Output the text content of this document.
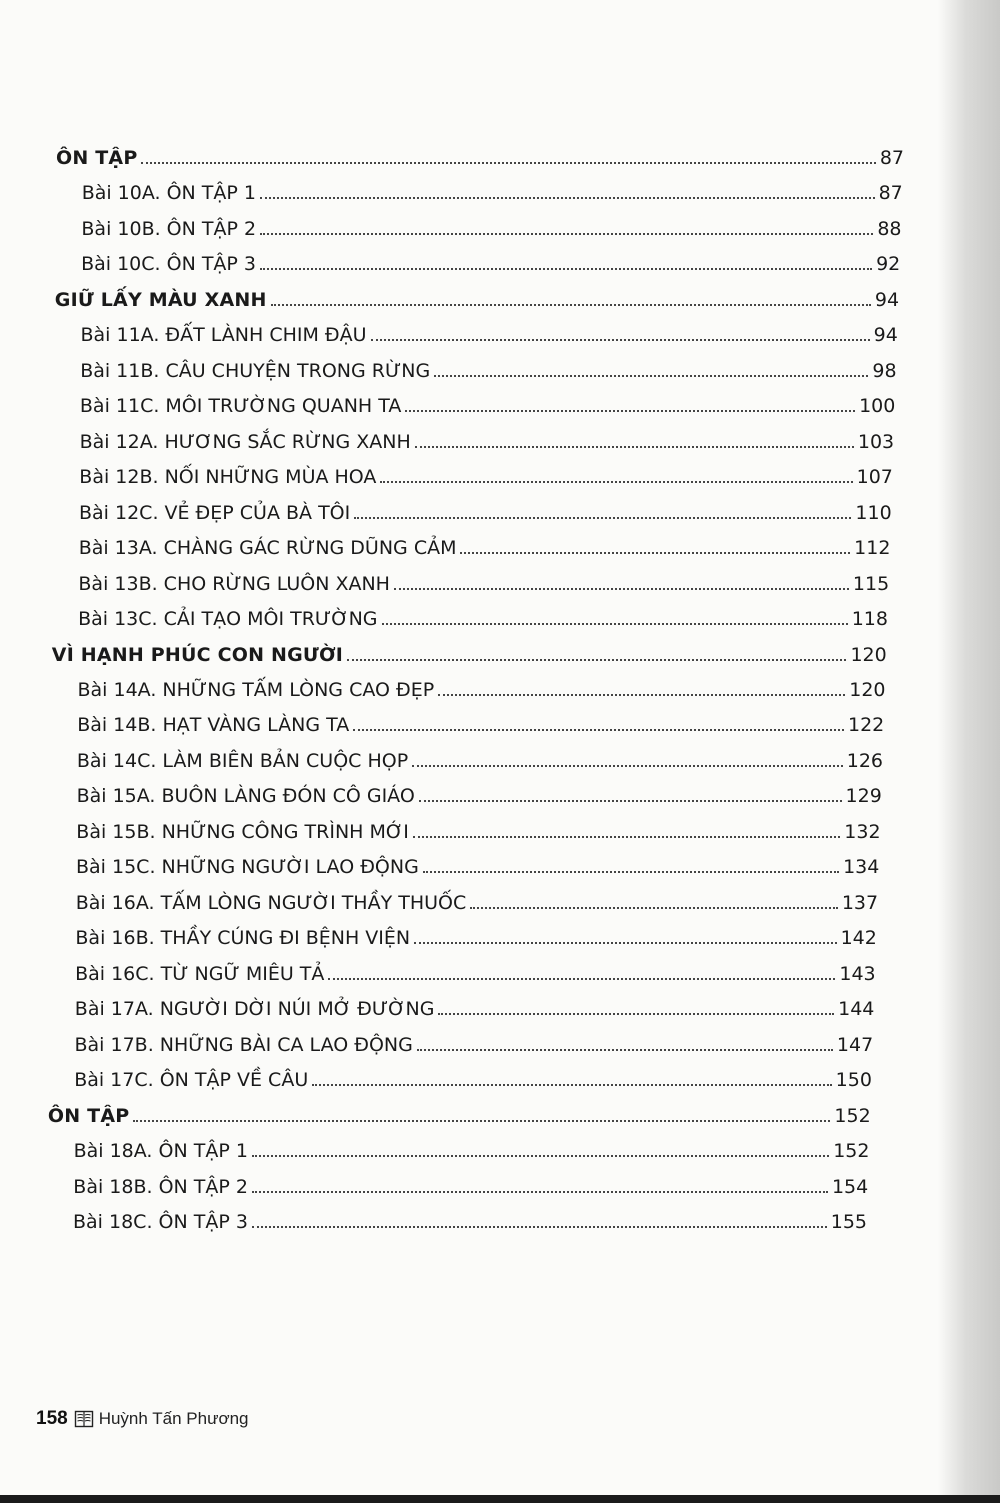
ÔN TẬP	87
Bài 10A. ÔN TẬP 1	87
Bài 10B. ÔN TẬP 2	88
Bài 10C. ÔN TẬP 3	92
GIỮ LẤY MÀU XANH	94
Bài 11A. ĐẤT LÀNH CHIM ĐẬU	94
Bài 11B. CÂU CHUYỆN TRONG RỪNG	98
Bài 11C. MÔI TRƯỜNG QUANH TA	100
Bài 12A. HƯƠNG SẮC RỪNG XANH	103
Bài 12B. NỐI NHỮNG MÙA HOA	107
Bài 12C. VẺ ĐẸP CỦA BÀ TÔI	110
Bài 13A. CHÀNG GÁC RỪNG DŨNG CẢM	112
Bài 13B. CHO RỪNG LUÔN XANH	115
Bài 13C. CẢI TẠO MÔI TRƯỜNG	118
VÌ HẠNH PHÚC CON NGƯỜI	120
Bài 14A. NHỮNG TẤM LÒNG CAO ĐẸP	120
Bài 14B. HẠT VÀNG LÀNG TA	122
Bài 14C. LÀM BIÊN BẢN CUỘC HỌP	126
Bài 15A. BUÔN LÀNG ĐÓN CÔ GIÁO	129
Bài 15B. NHỮNG CÔNG TRÌNH MỚI	132
Bài 15C. NHỮNG NGƯỜI LAO ĐỘNG	134
Bài 16A. TẤM LÒNG NGƯỜI THẦY THUỐC	137
Bài 16B. THẦY CÚNG ĐI BỆNH VIỆN	142
Bài 16C. TỪ NGỮ MIÊU TẢ	143
Bài 17A. NGƯỜI DỜI NÚI MỞ ĐƯỜNG	144
Bài 17B. NHỮNG BÀI CA LAO ĐỘNG	147
Bài 17C. ÔN TẬP VỀ CÂU	150
ÔN TẬP	152
Bài 18A. ÔN TẬP 1	152
Bài 18B. ÔN TẬP 2	154
Bài 18C. ÔN TẬP 3	155
158 Huỳnh Tấn Phương
